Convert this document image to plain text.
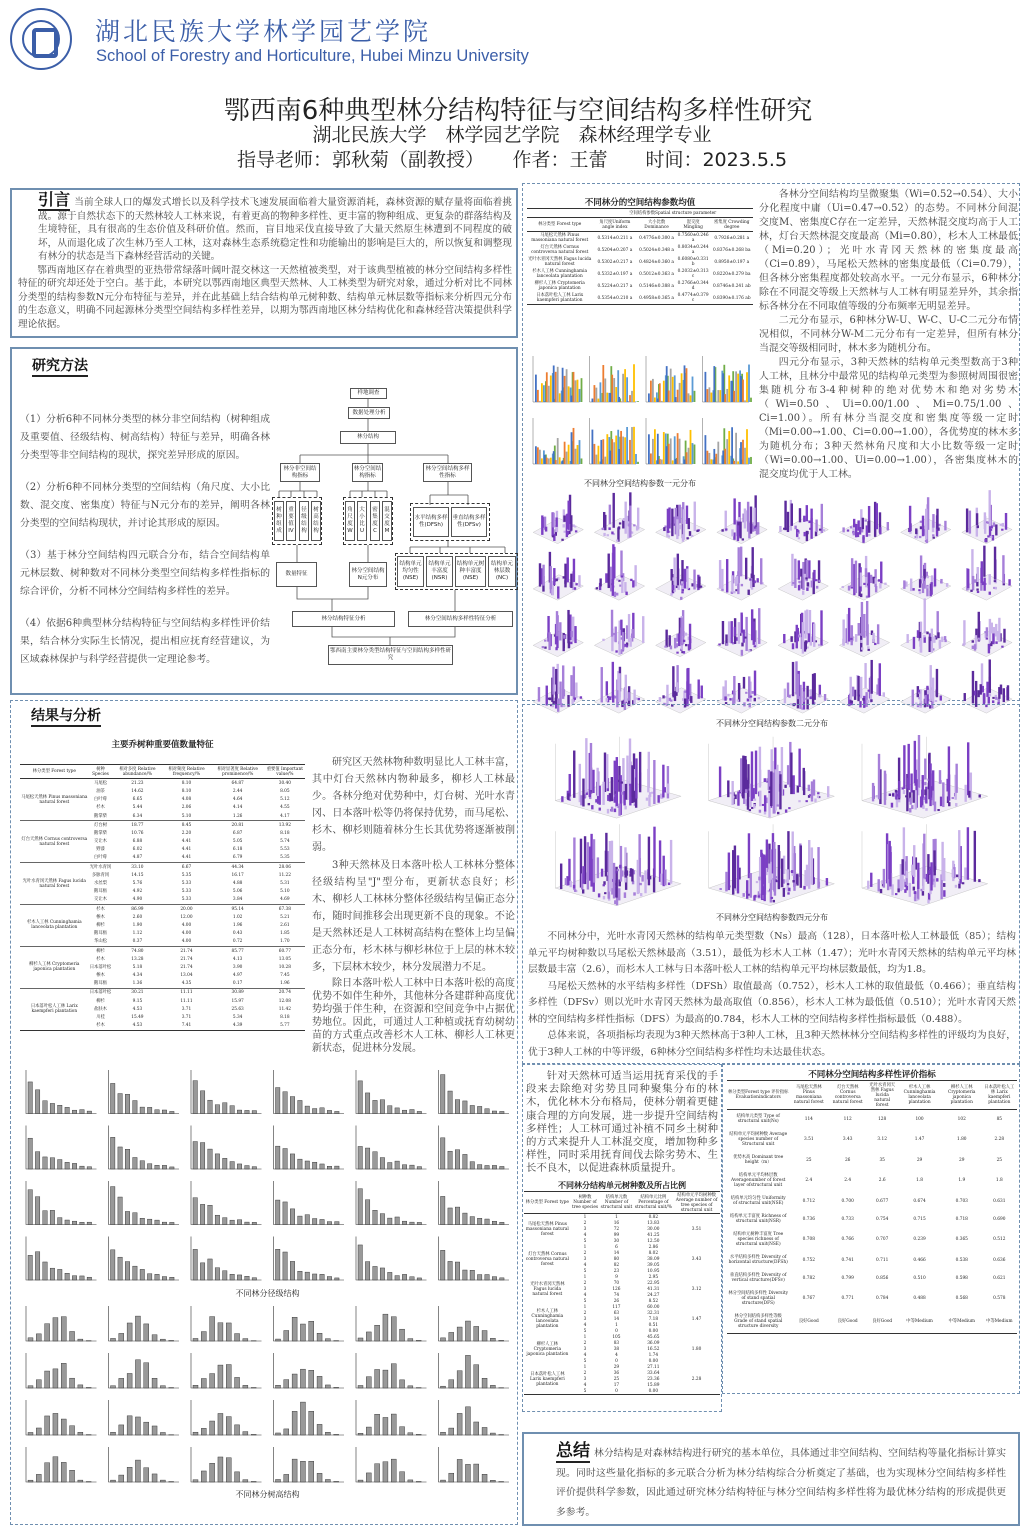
湖北民族大学林学园艺学院
School of Forestry and Horticulture, Hubei Minzu University
鄂西南6种典型林分结构特征与空间结构多样性研究
湖北民族大学　林学园艺学院　森林经理学专业
指导老师：郭秋菊（副教授）　　作者：王蕾　　时间：2023.5.5

引言 当前全球人口的爆发式增长以及科学技术飞速发展面临着大量资源消耗，森林资源的赋存量将面临着挑战。源于自然状态下的天然林较人工林来说，有着更高的物种多样性、更丰富的物种组成、更复杂的群落结构及生境特征，具有很高的生态价值及科研价值。然而，盲目地采伐直接导致了大量天然原生林遭到不同程度的破坏，从而退化成了次生林乃至人工林，这对森林生态系统稳定性和功能输出的影响是巨大的，所以恢复和调整现有林分的状态是当下森林经营活动的关键。

鄂西南地区存在着典型的亚热带常绿落叶阔叶混交林这一天然植被类型，对于该典型植被的林分空间结构多样性特征的研究却还处于空白。基于此，本研究以鄂西南地区典型天然林、人工林类型为研究对象，通过分析对比不同林分类型的结构参数N元分布特征与差异，并在此基础上结合结构单元树种数、结构单元林层数等指标来分析四元分布的生态意义，明确不同起源林分类型空间结构多样性差异，以期为鄂西南地区林分结构优化和森林经营决策提供科学理论依据。

研究方法

（1）分析6种不同林分类型的林分非空间结构（树种组成及重要值、径级结构、树高结构）特征与差异，明确各林分类型等非空间结构的现状，探究差异形成的原因。

（2）分析6种不同林分类型的空间结构（角尺度、大小比数、混交度、密集度）特征与N元分布的差异，阐明各林分类型的空间结构现状，并讨论其形成的原因。

（3）基于林分空间结构四元联合分布，结合空间结构单元林层数、树种数对不同林分类型空间结构多样性指标的综合评价，分析不同林分空间结构多样性的差异。

（4）依据6种典型林分结构特征与空间结构多样性评价结果，结合林分实际生长情况，提出相应抚育经营建议，为区域森林保护与科学经营提供一定理论参考。

样地调查
数据处理分析
林分结构
林分非空间结构指标
林分空间结构指标
林分空间结构多样性指标
树种组成
重要值IV
径级结构
树高结构
角尺度W
大小比U
密集度C
混交度M
水平结构多样性(DFSh)
垂直结构多样性(DFSv)
结构单元均匀性(NSE)
结构单元丰富度(NSR)
结构单元树种丰富度(NSE)
结构单元林层数(NC)
数量特征
林分空间结构N元分布
林分结构特征分析	林分空间结构多样性特征分析
鄂西南主要林分类型结构特征与空间结构多样性研究
结果与分析
主要乔树种重要值数量特征
林分类型 Forest type	树种 Species	相对多度 Relative abundance/%	相对频度 Relative frequency/%	相对显著度 Relative prominence/%	重要值 Important value/%
马尾松天然林 Pinus massoniana natural forest	马尾松	21.23	8.10	64.87	30.40
	油茶	14.62	8.10	2.44	8.05
	白叶莓	6.65	4.08	4.64	5.12
	杉木	5.44	2.06	4.14	4.55
	鹅掌柴	6.34	5.10	1.26	4.17
灯台天然林 Cornus controversa natural forest	灯台树	18.77	8.45	20.81	13.92
	鹅掌柴	10.76	2.20	6.87	8.18
	交让木	6.88	4.41	5.05	5.74
	野漆	6.02	4.41	6.18	5.53
	白叶莓	4.87	4.41	6.79	5.35
光叶水青冈天然林 Fagus lucida natural forest	光叶水青冈	33.10	6.67	44.34	28.06
	多脉青冈	14.15	5.35	16.17	11.22
	水丝梨	5.76	5.33	4.88	5.31
	鹅耳枥	4.92	5.33	5.06	5.10
	交让木	4.90	5.33	3.84	4.69
杉木人工林 Cunninghamia lanceolata plantation	杉木	86.99	20.00	95.14	67.38
	檫木	2.60	12.00	1.02	5.21
	柳杉	1.90	4.00	1.96	2.61
	鹅耳枥	1.12	4.00	0.43	1.85
	华山松	0.37	4.00	0.72	1.70
柳杉人工林 Cryptomeria japonica plantation	柳杉	74.80	21.74	85.77	60.77
	杉木	13.28	21.74	4.13	13.05
	日本落叶松	5.18	21.74	3.90	10.28
	檫木	4.34	13.04	4.97	7.45
	鹅耳枥	1.36	4.35	0.17	1.96
日本落叶松人工林 Larix kaempferi plantation	日本落叶松	30.21	11.11	30.89	20.74
	柳杉	9.15	11.11	15.97	12.08
	盐肤木	4.53	3.71	25.63	11.42
	川桂	15.49	3.71	5.34	8.18
	杉木	4.53	7.41	4.39	5.77

研究区天然林物种数明显比人工林丰富，其中灯台天然林内物种最多，柳杉人工林最少。各林分绝对优势种中，灯台树、光叶水青冈、日本落叶松等仍将保持优势，而马尾松、杉木、柳杉则随着林分生长其优势将逐渐被削弱。

3种天然林及日本落叶松人工林林分整体径级结构呈"J"型分布，更新状态良好；杉木、柳杉人工林林分整体径级结构呈偏正态分布，随时间推移会出现更新不良的现象。不论是天然林还是人工林树高结构在整体上均呈偏正态分布，杉木林与柳杉林位于上层的林木较多，下层林木较少，林分发展潜力不足。

除日本落叶松人工林中日本落叶松的高度优势不如伴生种外，其他林分各建群种高度优势均强于伴生种，在资源和空间竞争中占据优势地位。因此，可通过人工种植或抚育幼树幼苗的方式重点改善杉木人工林、柳杉人工林更新状态，促进林分发展。

不同林分径级结构
不同林分树高结构
不同林分的空间结构参数均值
	空间结构参数Spatial structure parameter			
林分类型 Forest type	角尺度Uniform angle index	大小比数 Dominance	混交度 Mingling	密集度 Crowding degree
马尾松天然林 Pinus massoniana natural forest	0.5314±0.211 a	0.4776±0.300 a	0.7560±0.246 a	0.7926±0.281 a
灯台天然林 Cornus controversa natural forest	0.5204±0.207 a	0.5024±0.348 a	0.8034±0.244 a	0.8376±0.268 ba
光叶水青冈天然林 Fagus lucida natural forest	0.5302±0.217 a	0.4824±0.360 a	0.6080±0.331 b	0.8950±0.197 a
杉木人工林 Cunninghamia lanceolata plantation	0.5332±0.197 a	0.5012±0.363 a	0.2032±0.313 c	0.8220±0.279 ba
柳杉人工林 Cryptomeria japonica plantation	0.5224±0.217 a	0.5146±0.388 a	0.2766±0.344 d	0.8746±0.241 ab
日本落叶松人工林 Larix kaempferi plantation	0.5354±0.210 a	0.4958±0.365 a	0.4774±0.379 c	0.8390±0.176 ab
不同林分空间结构参数一元分布

各林分空间结构均呈微聚集（Wi=0.52→0.54）、大小分化程度中庸（Ui=0.47→0.52）的态势。不同林分间混交度M、密集度C存在一定差异，天然林混交度均高于人工林，灯台天然林混交度最高（Mi=0.80），杉木人工林最低（Mi=0.20）；光叶水青冈天然林的密集度最高（Ci=0.89），马尾松天然林的密集度最低（Ci=0.79），但各林分密集程度都处较高水平。一元分布显示，6种林分除在不同混交等级上天然林与人工林有明显差异外，其余指标各林分在不同取值等级的分布频率无明显差异。

二元分布显示，6种林分W-U、W-C、U-C二元分布情况相似，不同林分W-M二元分布有一定差异，但所有林分当混交等级相同时，林木多为随机分布。

四元分布显示，3种天然林的结构单元类型数高于3种人工林，且林分中最常见的结构单元类型为参照树周围很密集随机分布3-4种树种的绝对优势木和绝对劣势木（Wi=0.50、Ui=0.00/1.00、Mi=0.75/1.00、Ci=1.00）。所有林分当混交度和密集度等级一定时（Mi=0.00→1.00、Ci=0.00→1.00），各优势度的林木多为随机分布；3种天然林角尺度和大小比数等级一定时（Wi=0.00→1.00、Ui=0.00→1.00），各密集度林木的混交度均优于人工林。

不同林分空间结构参数二元分布
不同林分空间结构参数四元分布

不同林分中，光叶水青冈天然林的结构单元类型数（Ns）最高（128），日本落叶松人工林最低（85）；结构单元平均树种数以马尾松天然林最高（3.51），最低为杉木人工林（1.47）；光叶水青冈天然林的结构单元平均林层数最丰富（2.6），而杉木人工林与日本落叶松人工林的结构单元平均林层数最低，均为1.8。

马尾松天然林的水平结构多样性（DFSh）取值最高（0.752），杉木人工林的取值最低（0.466）；垂直结构多样性（DFSv）则以光叶水青冈天然林为最高取值（0.856），杉木人工林为最低值（0.510）；光叶水青冈天然林的空间结构多样性指标（DFS）为最高的0.784，杉木人工林的空间结构多样性指标最低（0.488）。

总体来说，各项指标均表现为3种天然林高于3种人工林，且3种天然林林分空间结构多样性的评级均为良好，优于3种人工林的中等评级，6种林分空间结构多样性均未达最佳状态。

针对天然林可适当运用抚育采伐的手段来去除绝对劣势且同种聚集分布的林木，优化林木分布格局，使林分朝着更健康合理的方向发展，进一步提升空间结构多样性；人工林可通过补植不同乡土树种的方式来提升人工林混交度，增加物种多样性，同时采用抚育间伐去除劣势木、生长不良木，以促进森林质量提升。

不同林分结构单元树种数及所占比例
林分类型 Forest type	树种数 Number of tree species	结构单元数 Number of structural unit	结构单元比例 Percentage of structural unit/%	结构单元平均树种数 Average number of tree species of structural unit
马尾松天然林 Pinus massoniana natural forest	1	1	0.82	3.51
	2	16	13.83	
	3	72	30.00	
	4	99	41.25	
	5	30	12.50	
灯台天然林 Cornus controversa natural forest	1	6	2.86	3.43
	2	14	8.02	
	3	80	38.09	
	4	82	39.05	
	5	23	10.95	
光叶水青冈天然林 Fagus lucida natural forest	1	9	2.95	3.12
	2	70	22.95	
	3	126	41.31	
	4	74	24.27	
	5	26	8.52	
杉木人工林 Cunninghamia lanceolata plantation	1	117	60.00	1.47
	2	63	32.31	
	3	14	7.18	
	4	1	0.51	
	5	0	0.00	
柳杉人工林 Cryptomeria japonica plantation	1	105	45.65	1.80
	2	83	36.09	
	3	38	16.52	
	4	4	1.74	
	5	0	0.00	
日本落叶松人工林 Larix kaempferi plantation	1	29	27.11	2.28
	2	36	33.64	
	3	25	23.36	
	4	17	15.89	
	5	0	0.00	
不同林分空间结构多样性评价指标
林分类型Forest type 评价指标 Evaluationindicators	马尾松天然林 Pinus massoniana natural forest	灯台天然林 Cornus controversa natural forest	光叶水青冈天然林 Fagus lucida natural forest	杉木人工林 Cunninghamia lanceolata plantation	柳杉人工林 Cryptomeria japonica plantation	日本落叶松人工林 Larix kaempferi plantation
结构单元类型 Type of structural unit(Ns)	114	112	128	100	102	85
结构单元平均树种数 Average species number of Structural unit	3.51	3.43	3.12	1.47	1.80	2.28
优势木高 Dominant tree height（m）	25	26	35	29	29	25
结构单元平均林层数 Averagenumber of forest layer ofstructural unit	2.4	2.4	2.6	1.8	1.9	1.8
结构单元均匀性 Uniformity of structural unit(NSE)	0.712	0.700	0.677	0.674	0.703	0.631
结构单元丰富度 Richness of structural unit(NSR)	0.736	0.733	0.754	0.715	0.718	0.690
结构单元树种丰富度 Tree species richness of structural unit(NSE)	0.708	0.766	0.707	0.239	0.365	0.512
水平结构多样性 Diversity of horizontal structure(DFSh)	0.752	0.741	0.711	0.466	0.538	0.636
垂直结构多样性 Diversity of vertical structure(DFSv)	0.782	0.799	0.856	0.510	0.598	0.621
林分空间结构多样性 Diversity of stand spatial structure(DFS)	0.767	0.771	0.784	0.488	0.568	0.578
林分空间结构多样性等级 Grade of stand spatial structure diversity	良好Good	良好Good	良好Good	中等Medium	中等Medium	中等Medium

总结 林分结构是对森林结构进行研究的基本单位，具体通过非空间结构、空间结构等量化指标计算实现。同时这些量化指标的多元联合分析为林分结构综合分析奠定了基础，也为实现林分空间结构多样性评价提供科学参数，因此通过研究林分结构特征与林分空间结构多样性将为最优林分结构的形成提供更多参考。
